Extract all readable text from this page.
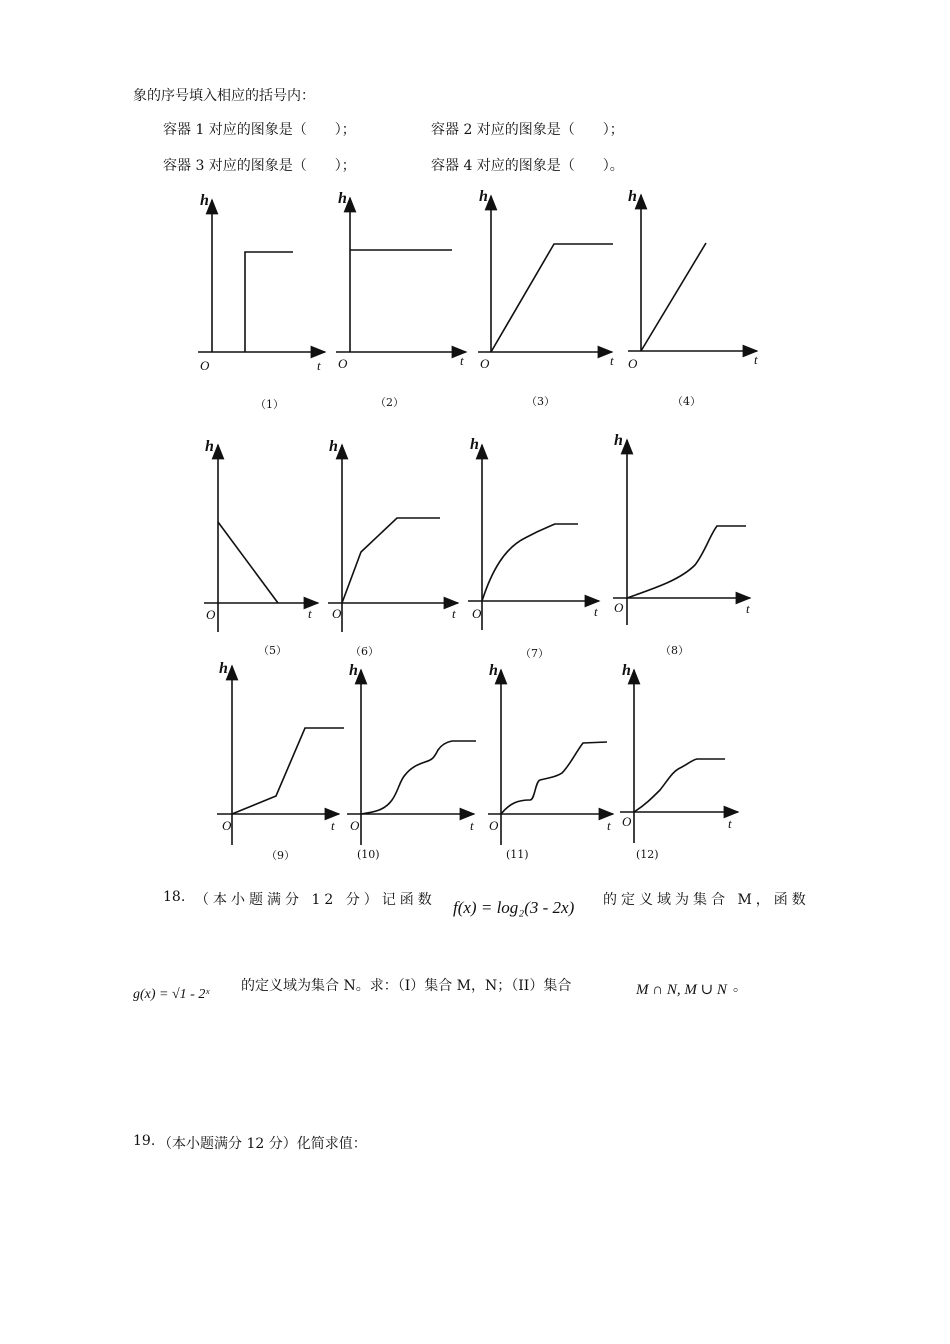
象的序号填入相应的括号内：
容器 1 对应的图象是（　　）；	容器 2 对应的图象是（　　）；
容器 3 对应的图象是（　　）；	容器 4 对应的图象是（　　）。
h	h	h	h
h	h	h	h
h	h	h	h
t	t	t	t
t	t	t	t
t	t	t	t
O	O	O	O
O	O	O	O
O	O	O	O
（1）	（2）	（3）	（4）
（5）	（6）	（7）	（8）
（9）	(10)	(11)	(12)
18. （本小题满分 12 分）记函数 f(x) = log₂(3 - 2x) 的定义域为集合 M，函数
g(x) = √1 - 2ˣ
的定义域为集合 N。求：（I）集合 M，N；（II）集合	M ∩ N, M ∪ N 。
19. （本小题满分 12 分）化简求值：
